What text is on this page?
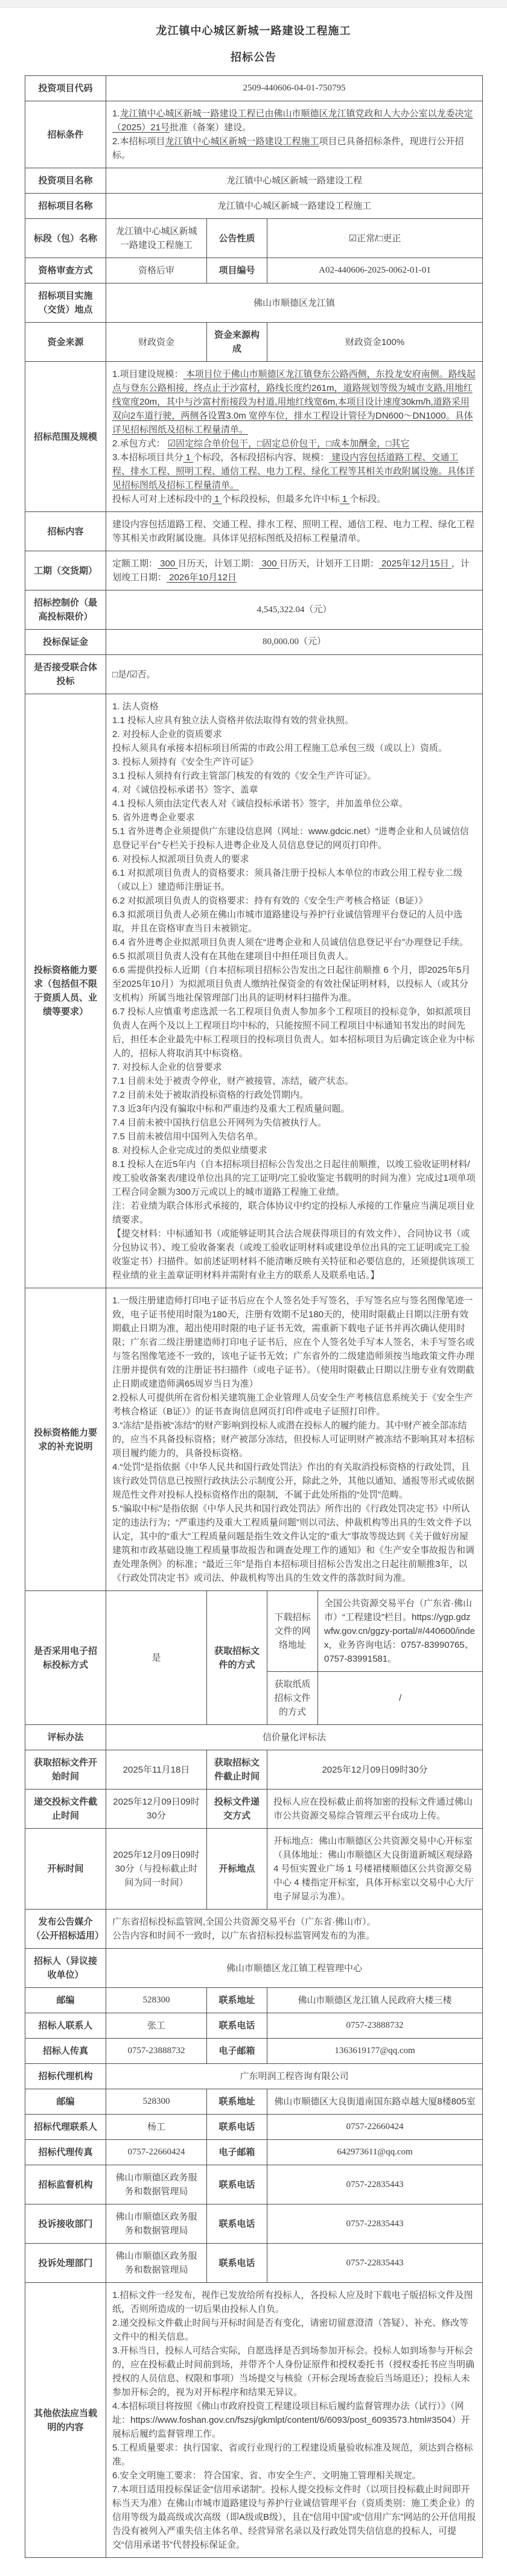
龙江镇中心城区新城一路建设工程施工
招标公告
投资项目代码	2509-440606-04-01-750795			
招标条件	1.龙江镇中心城区新城一路建设工程已由佛山市顺德区龙江镇党政和人大办公室以龙委决定（2025）21号批准（备案）建设。
2.本招标项目龙江镇中心城区新城一路建设工程施工项目已具备招标条件，现进行公开招标。			

投资项目名称	龙江镇中心城区新城一路建设工程			
招标项目名称	龙江镇中心城区新城一路建设工程施工			
标段（包）名称	龙江镇中心城区新城一路建设工程施工	公告性质	☑正常/□更正	
资格审查方式	资格后审	项目编号	A02-440606-2025-0062-01-01	
招标项目实施（交货）地点	佛山市顺德区龙江镇			
资金来源	财政资金	资金来源构成	财政资金100%	
招标范围及规模	1.项目建设规模： 本项目位于佛山市顺德区龙江镇登东公路西侧，东投龙安府南侧。路线起点与登东公路相接，终点止于沙富村，路线长度约261m，道路规划等级为城市支路,用地红线宽度20m，其中与沙富村衔接段为村道,用地红线宽6m,本项目设计速度30km/h,道路采用双向2车道行驶，两侧各设置3.0m 宽停车位，排水工程设计管径为DN600～DN1000。具体详见招标图纸及招标工程量清单。
2.承包方式： ☑固定综合单价包干，□固定总价包干，□成本加酬金，□其它
3.本招标项目共分 1 个标段，各标段招标内容、规模： 建设内容包括道路工程、交通工程、排水工程、照明工程、通信工程、电力工程、绿化工程等其相关市政附属设施。具体详见招标图纸及招标工程量清单。
投标人可对上述标段中的 1 个标段投标，但最多允许中标 1 个标段。			

招标内容	建设内容包括道路工程、交通工程、排水工程、照明工程、通信工程、电力工程、绿化工程等其相关市政附属设施。具体详见招标图纸及招标工程量清单。			
工期（交货期）	定额工期： 300 日历天，计划工期： 300 日历天，计划开工日期： 2025年12月15日 ，计划竣工日期： 2026年10月12日			

招标控制价（最高投标限价）	4,545,322.04（元）			
投标保证金	80,000.00（元）			
是否接受联合体投标	□是/☑否。			
投标资格能力要求（包括但不限于资质人员、业绩等要求）	
1. 法人资格
1.1 投标人应具有独立法人资格并依法取得有效的营业执照。
2. 对投标人企业的资质要求
投标人须具有承接本招标项目所需的市政公用工程施工总承包三级（或以上）资质。
3. 投标人须持有《安全生产许可证》
3.1 投标人须持有行政主管部门核发的有效的《安全生产许可证》。
4. 对《诚信投标承诺书》签字、盖章
4.1 投标人须由法定代表人对《诚信投标承诺书》签字，并加盖单位公章。
5. 省外进粤企业要求
5.1 省外进粤企业须提供广东建设信息网（网址：www.gdcic.net）“进粤企业和人员诚信信息登记平台”专栏关于投标人进粤企业及人员信息登记的网页打印件。
6. 对投标人拟派项目负责人的要求
6.1 对拟派项目负责人的资格要求：须具备注册于投标人本单位的市政公用工程专业二级（或以上）建造师注册证书。
6.2 对拟派项目负责人的资格要求：持有有效的《安全生产考核合格证（B证）》
6.3 拟派项目负责人必须在佛山市城市道路建设与养护行业诚信管理平台登记的人员中选取，并且在资格审查当日未被锁定。
6.4 省外进粤企业拟派项目负责人须在“进粤企业和人员诚信信息登记平台”办理登记手续。
6.5 拟派项目负责人没有在其他在建项目中担任项目负责人。
6.6 需提供投标人近期（自本招标项目招标公告发出之日起往前顺推 6 个月，即2025年5月至2025年10月）为拟派项目负责人缴纳社保资金的有效社保证明材料，以投标人（或其分支机构）所属当地社保管理部门出具的证明材料扫描件为准。
6.7 投标人应慎重考虑选派一名工程项目负责人参加多个工程项目的投标竞争，如拟派项目负责人在两个及以上工程项目均中标的，只能按照不同工程项目中标通知书发出的时间先后，担任本企业最先中标工程项目的投标项目负责人。如本招标项目为后确定该企业为中标人的，招标人将取消其中标资格。
7. 对投标人企业的信誉要求
7.1 目前未处于被责令停业，财产被接管、冻结，破产状态。
7.2 目前未处于被取消投标资格的行政处罚期内。
7.3 近3年内没有骗取中标和严重违约及重大工程质量问题。
7.4 目前未被中国执行信息公开网列为失信被执行人。
7.5 目前未被信用中国列入失信名单。
8. 对投标人企业完成过的类似业绩要求
8.1 投标人在近5年内（自本招标项目招标公告发出之日起往前顺推，以竣工验收证明材料/竣工验收备案表/建设单位出具的完工证明/完工验收鉴定书载明的时间为准）完成过1项单项工程合同金额为300万元或以上的城市道路工程施工业绩。
注：若业绩为联合体形式承接的，联合体协议中约定的投标人承接的工作量应当满足项目业绩要求。
【提交材料：中标通知书（或能够证明其合法合规获得项目的有效文件）、合同协议书（或分包协议书）、竣工验收备案表（或竣工验收证明材料或建设单位出具的完工证明或完工验收鉴定书）扫描件。如前述证明材料不能清晰反映有关特征和必要信息的，还须提供该项工程业绩的业主盖章证明材料并需附有业主方的联系人及联系电话。】

投标资格能力要求的补充说明	1.一级注册建造师打印电子证书后应在个人签名处手写签名，手写签名应与签名图像笔迹一致，电子证书使用时限为180天，注册有效期不足180天的，使用时限截止日期以注册有效期截止日期为准，超出使用时限的电子证书无效，需重新下载电子证书并再次确认使用时限；广东省二级注册建造师打印电子证书后，应在个人签名处手写本人签名，未手写签名或与签名图像笔迹不一致的，该电子证书无效；广东省外的二级建造师须按当地政策文件办理注册并提供有效的注册证书扫描件（或电子证书）。（使用时限截止日期以注册专业有效期截止日期或建造师满65周岁当日为准）
2.投标人可提供所在省份相关建筑施工企业管理人员安全生产考核信息系统关于《安全生产考核合格证（B证）》的证书查询信息网页打印件或电子证照打印件。
3.“冻结”是指被“冻结”的财产影响到投标人或潜在投标人的履约能力。其中财产被全部冻结的，应当不具备投标资格；财产被部分冻结，但投标人可证明财产被冻结不影响其对本招标项目履约能力的，具备投标资格。
4.“处罚”是指依据《中华人民共和国行政处罚法》作出的有关取消投标资格的行政处罚，且该行政处罚信息已按照行政执法公示制度公开，除此之外，其他以通知、通报等形式或依据规范性文件对投标人投标资格作出的限制，不属于此处所指的“处罚”范畴。
5.“骗取中标”是指依据《中华人民共和国行政处罚法》所作出的《行政处罚决定书》中所认定的违法行为；“严重违约及重大工程质量问题”则以司法、仲裁机构等出具的生效文件予以认定，其中的“重大”工程质量问题是指生效文件认定的“重大”事故等级达到《关于做好房屋建筑和市政基础设施工程质量事故报告和调查处理工作的通知》和《生产安全事故报告和调查处理条例》的标准；“最近三年”是指自本招标项目招标公告发出之日起往前顺推3年，以《行政处罚决定书》或司法、仲裁机构等出具的生效文件的落款时间为准。			

是否采用电子招标投标方式	是	获取招标文件的方式	下载招标文件的网络地址	全国公共资源交易平台（广东省·佛山市）“工程建设”栏目。https://ygp.gdzwfw.gov.cn/ggzy-portal/#/440600/index，业务咨询电话：0757-83990765、0757-83991581。
			获取纸质招标文件的方式	/
评标办法	信价量化评标法			
获取招标文件开始时间	2025年11月18日	获取招标文件截止时间	2025年12月09日09时30分	
递交投标文件截止时间	2025年12月09日09时30分	投标文件递交方式	投标人应在投标截止前将加密的投标文件通过佛山市公共资源交易综合管理云平台成功上传。	
开标时间	2025年12月09日09时30分（与投标截止时间为同一时间）	开标地点	开标地点：佛山市顺德区公共资源交易中心开标室（具体地址：佛山市顺德区大良街道新城区观绿路 4 号恒实置业广场 1 号楼裙楼顺德区公共资源交易中心 4 楼指定开标室，具体开标室以交易中心大厅电子屏显示为准）。	
发布公告媒介（公开招标适用）	广东省招标投标监管网,全国公共资源交易平台（广东省·佛山市）。
公告内容和时间不一致时，以广东省招标投标监管网发布的为准。			

招标人（异议接收单位）	佛山市顺德区龙江镇工程管理中心			
邮编	528300	联系地址	佛山市顺德区龙江镇人民政府大楼三楼	
招标人联系人	张工	联系电话	0757-23888732	
招标人传真	0757-23888732	电子邮箱	1363619177@qq.com	
招标代理机构	广东明润工程咨询有限公司			
邮编	528300	联系地址	佛山市顺德区大良街道南国东路卓越大厦8楼805室	
招标代理联系人	杨工	联系电话	0757-22660424	
招标代理传真	0757-22660424	电子邮箱	642973611@qq.com	
招标监督机构	佛山市顺德区政务服务和数据管理局	联系电话	0757-22835443	
投诉接收部门	佛山市顺德区政务服务和数据管理局	联系电话	0757-22835443	
投诉处理部门	佛山市顺德区政务服务和数据管理局	联系电话	0757-22835443	
其他依法应当载明的内容	
1.招标文件一经发布，视作已发放给所有投标人，各投标人应及时下载电子版招标文件及图纸，否则所造成的一切后果由投标人自负。
2.递交投标文件截止时间与开标时间是否有变化，请密切留意澄清（答疑）、补充、修改等文件中的相关信息。
3.开标当日，投标人可结合实际，自愿选择是否到场参加开标会。投标人如到场参与开标会的，应在投标截止时间前到场，并带齐个人身份证原件和授权委托书（授权委托书应当明确授权的人员信息、权限和事项）当场提交与核验（开标会现场查验后当场退还）；投标人未参加开标会的，视为对开标程序和结果无异议。
4.本招标项目将按照《佛山市政府投资工程建设项目标后履约监督管理办法（试行）》（网址：https://www.foshan.gov.cn/fszsj/gkmlpt/content/6/6093/post_6093573.html#3504）开展标后履约监督管理工作。
5.工程质量要求：执行国家、省或行业现行的工程建设质量验收标准及规范，须达到合格标准。
6.安全文明施工要求： 符合国家、省、市安全生产、文明施工管理相关规定。
7.本项目适用投标保证金“信用承诺制”。投标人提交投标文件时（以项目投标截止时间即开标当天为准）在佛山市城市道路建设与养护行业诚信管理平台（资质类别：施工类企业）的信用等级为最高级或次高级（即A级或B级），且在“信用中国”或“信用广东”网站的公开信用报告没有被列入严重失信主体名单、经营异常名录以及行政处罚失信信息的投标人，可提交“信用承诺书”代替投标保证金。
